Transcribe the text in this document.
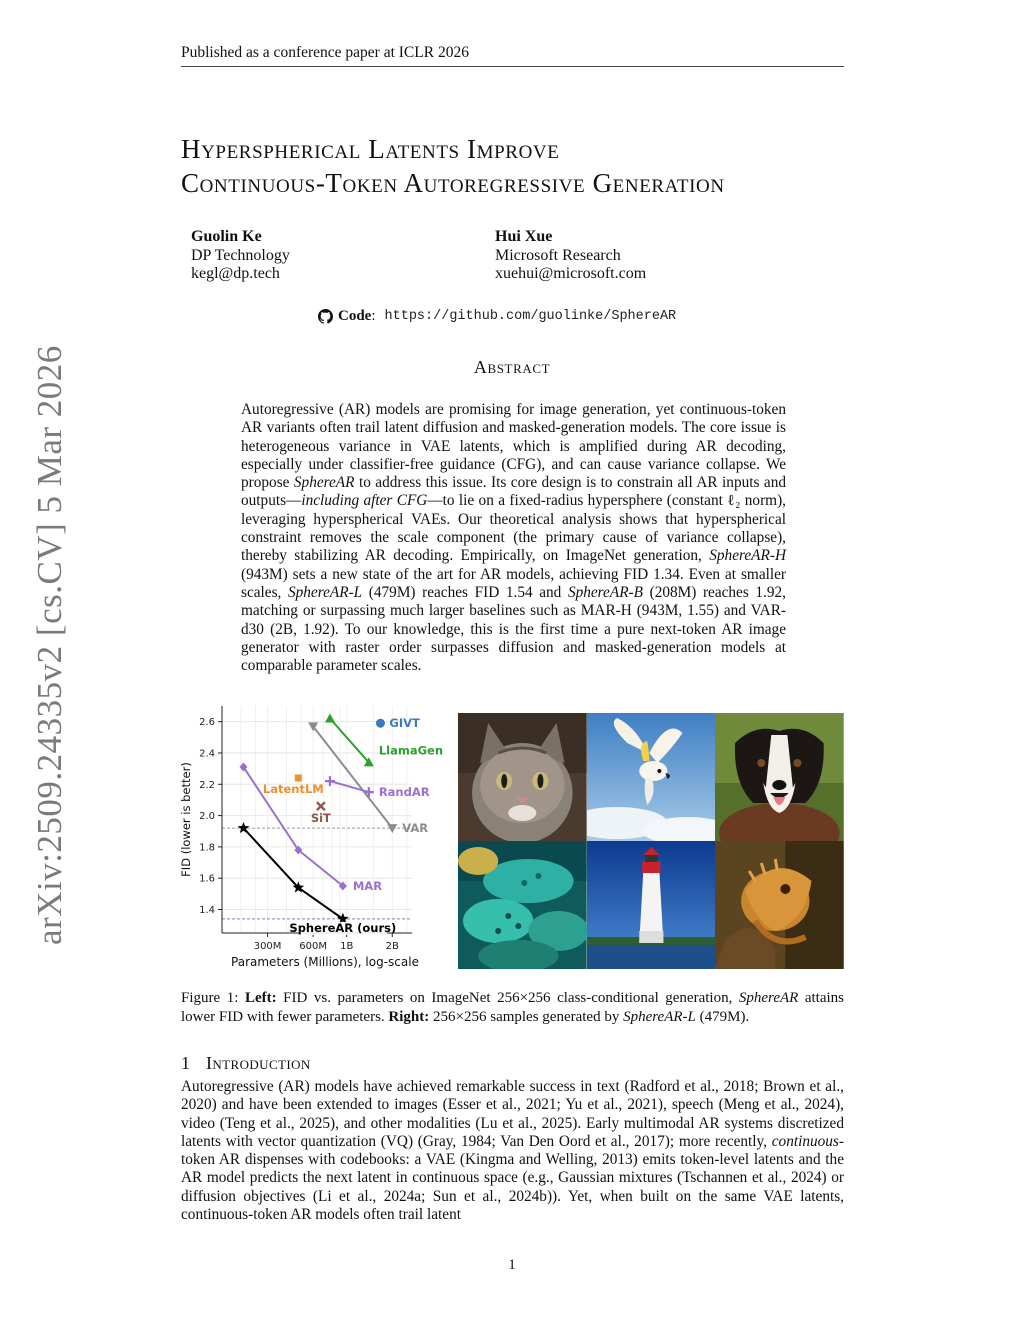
Published as a conference paper at ICLR 2026
arXiv:2509.24335v2 [cs.CV] 5 Mar 2026
Hyperspherical Latents Improve
Continuous-Token Autoregressive Generation
Guolin Ke
DP Technology
kegl@dp.tech
Hui Xue
Microsoft Research
xuehui@microsoft.com
Code: https://github.com/guolinke/SphereAR
Abstract

Autoregressive (AR) models are promising for image generation, yet continuous-token AR variants often trail latent diffusion and masked-generation models. The core issue is heterogeneous variance in VAE latents, which is amplified during AR decoding, especially under classifier-free guidance (CFG), and can cause variance collapse. We propose SphereAR to address this issue. Its core design is to constrain all AR inputs and outputs—including after CFG—to lie on a fixed-radius hypersphere (constant ℓ₂ norm), leveraging hyperspherical VAEs. Our theoretical analysis shows that hyperspherical constraint removes the scale component (the primary cause of variance collapse), thereby stabilizing AR decoding. Empirically, on ImageNet generation, SphereAR-H (943M) sets a new state of the art for AR models, achieving FID 1.34. Even at smaller scales, SphereAR-L (479M) reaches FID 1.54 and SphereAR-B (208M) reaches 1.92, matching or surpassing much larger baselines such as MAR-H (943M, 1.55) and VAR-d30 (2B, 1.92). To our knowledge, this is the first time a pure next-token AR image generator with raster order surpasses diffusion and masked-generation models at comparable parameter scales.

1.4
1.6
1.8
2.0
2.2
2.4
2.6
300M 600M 1B	2B
Parameters (Millions), log-scale
FID (lower is better)
SphereAR (ours)
MAR
VAR
LlamaGen
RandAR
LatentLM
SiT
GIVT
Figure 1: Left: FID vs. parameters on ImageNet 256×256 class-conditional generation, SphereAR attains lower FID with fewer parameters. Right: 256×256 samples generated by SphereAR-L (479M).
1 Introduction
Autoregressive (AR) models have achieved remarkable success in text (Radford et al., 2018; Brown et al., 2020) and have been extended to images (Esser et al., 2021; Yu et al., 2021), speech (Meng et al., 2024), video (Teng et al., 2025), and other modalities (Lu et al., 2025). Early multimodal AR systems discretized latents with vector quantization (VQ) (Gray, 1984; Van Den Oord et al., 2017); more recently, continuous-token AR dispenses with codebooks: a VAE (Kingma and Welling, 2013) emits token-level latents and the AR model predicts the next latent in continuous space (e.g., Gaussian mixtures (Tschannen et al., 2024) or diffusion objectives (Li et al., 2024a; Sun et al., 2024b)). Yet, when built on the same VAE latents, continuous-token AR models often trail latent
1
